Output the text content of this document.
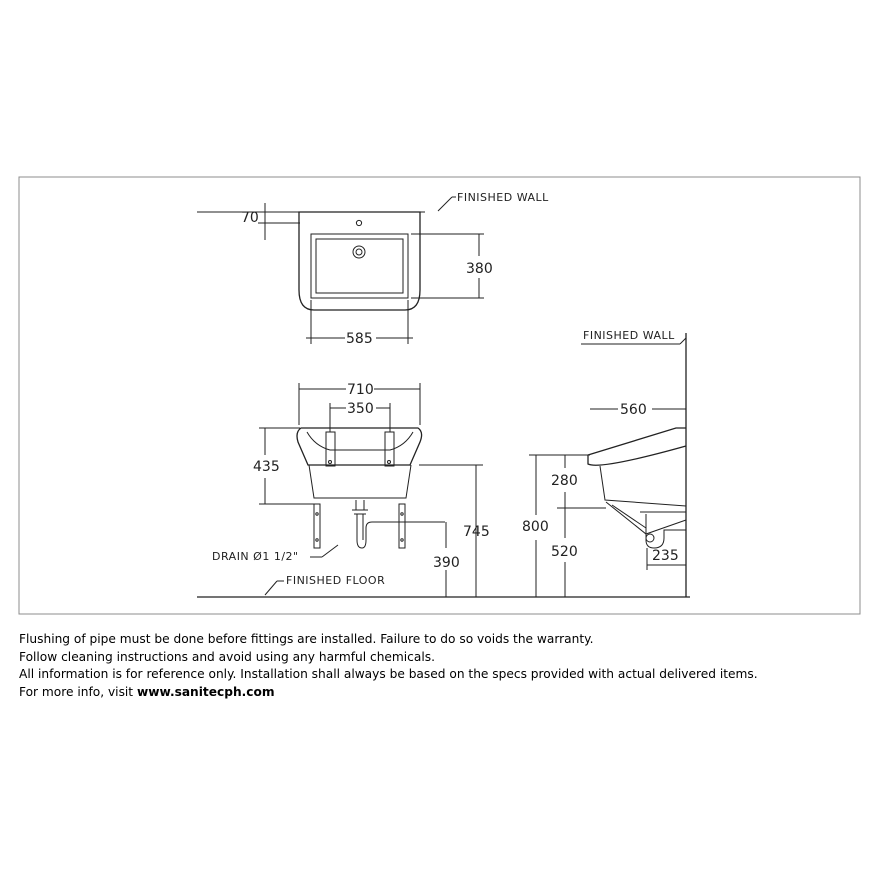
70
380
585
FINISHED WALL
710
350
435
745
390
DRAIN Ø1 1/2"
FINISHED FLOOR
FINISHED WALL
560
280
800
520	235
Flushing of pipe must be done before fittings are installed. Failure to do so voids the warranty.
Follow cleaning instructions and avoid using any harmful chemicals.
All information is for reference only. Installation shall always be based on the specs provided with actual delivered items.
For more info, visit www.sanitecph.com
